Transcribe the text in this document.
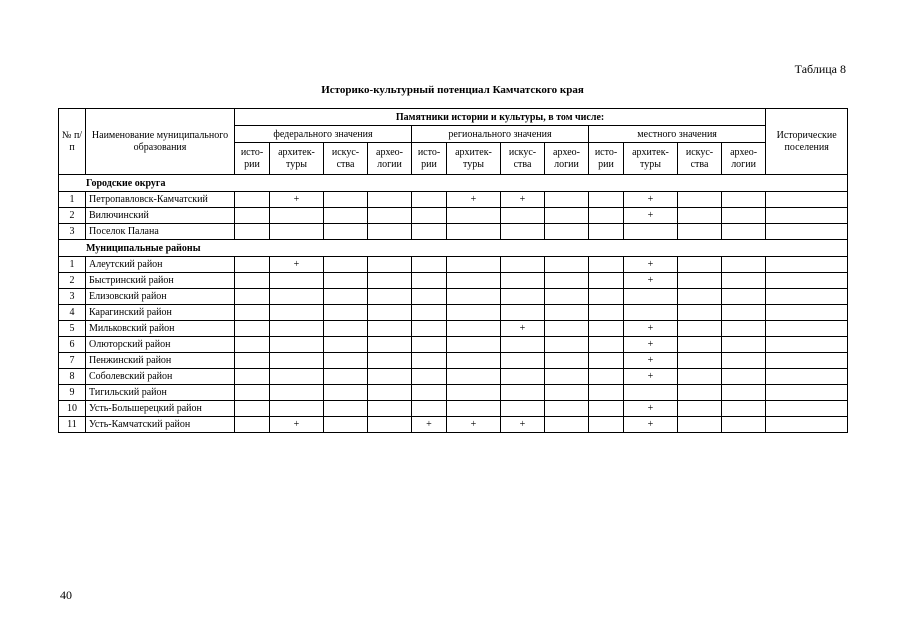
Таблица 8
Историко-культурный потенциал Камчатского края
№ п/п	Наименование муниципального образования	Памятники истории и культуры, в том числе:												Исторические поселения
		федерального значения				регионального значения				местного значения				
		исто-рии	архитек-туры	искус-ства	архео-логии	исто-рии	архитек-туры	искус-ства	архео-логии	исто-рии	архитек-туры	искус-ства	архео-логии	
Городские округа														
1	Петропавловск-Камчатский		+				+	+			+			
2	Вилючинский										+			
3	Поселок Палана													
Муниципальные районы														
1	Алеутский район		+								+			
2	Быстринский район										+			
3	Елизовский район													
4	Карагинский район													
5	Мильковский район							+			+			
6	Олюторский район										+			
7	Пенжинский район										+			
8	Соболевский район										+			
9	Тигильский район													
10	Усть-Большерецкий район										+			
11	Усть-Камчатский район		+			+	+	+			+			
40
